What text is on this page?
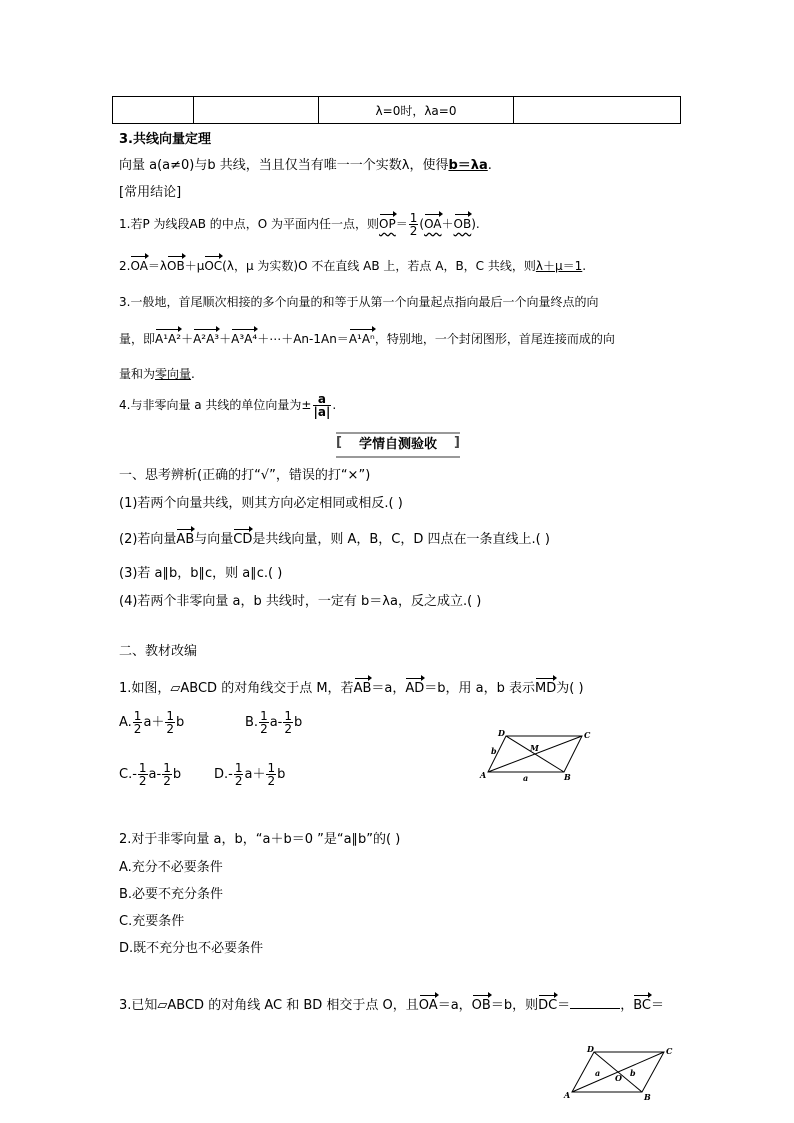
		λ=0时，λa=0	
3.共线向量定理
向量 a(a≠0)与b 共线，当且仅当有唯一一个实数λ，使得b＝λa.
[常用结论]
1.若P 为线段AB 的中点，O 为平面内任一点，则$OP= \frac{1}{2} (OA+OB)$.
2.OA＝λOB＋μOC(λ，μ 为实数)O 不在直线 AB 上，若点 A，B，C 共线，则λ＋μ＝1.
3.一般地，首尾顺次相接的多个向量的和等于从第一个向量起点指向最后一个向量终点的向
量，即A¹A²＋A²A³＋A³A⁴＋⋯＋An-1An＝A¹Aⁿ，特别地，一个封闭图形，首尾连接而成的向
量和为零向量.
4.与非零向量 a 共线的单位向量为± $\frac{a}{|a|}$ .
[ 学情自测验收 ]
一、思考辨析(正确的打“√”，错误的打“×”)
(1)若两个向量共线，则其方向必定相同或相反.( )
(2)若向量AB与向量CD是共线向量，则 A，B，C，D 四点在一条直线上.( )
(3)若 a∥b，b∥c，则 a∥c.( )
(4)若两个非零向量 a，b 共线时，一定有 b＝λa，反之成立.( )
二、教材改编
1.如图，▱ABCD 的对角线交于点 M，若AB＝a，AD＝b，用 a，b 表示MD为( )
A. $\frac{1}{2} a+ \frac{1}{2}$ b	B. $\frac{1}{2} a- \frac{1}{2}$ b
$C.- \frac{1}{2} a- \frac{1}{2}$ b	$D.- \frac{1}{2} a+ \frac{1}{2}$ b	A	B
C
D
M
a
b
2.对于非零向量 a，b，“a＋b＝0 ”是“a∥b”的( )
A.充分不必要条件
B.必要不充分条件
C.充要条件
D.既不充分也不必要条件
3.已知▱ABCD 的对角线 AC 和 BD 相交于点 O，且OA＝a，OB＝b，则DC＝	，BC＝
A	B
C
D
O
a	b
